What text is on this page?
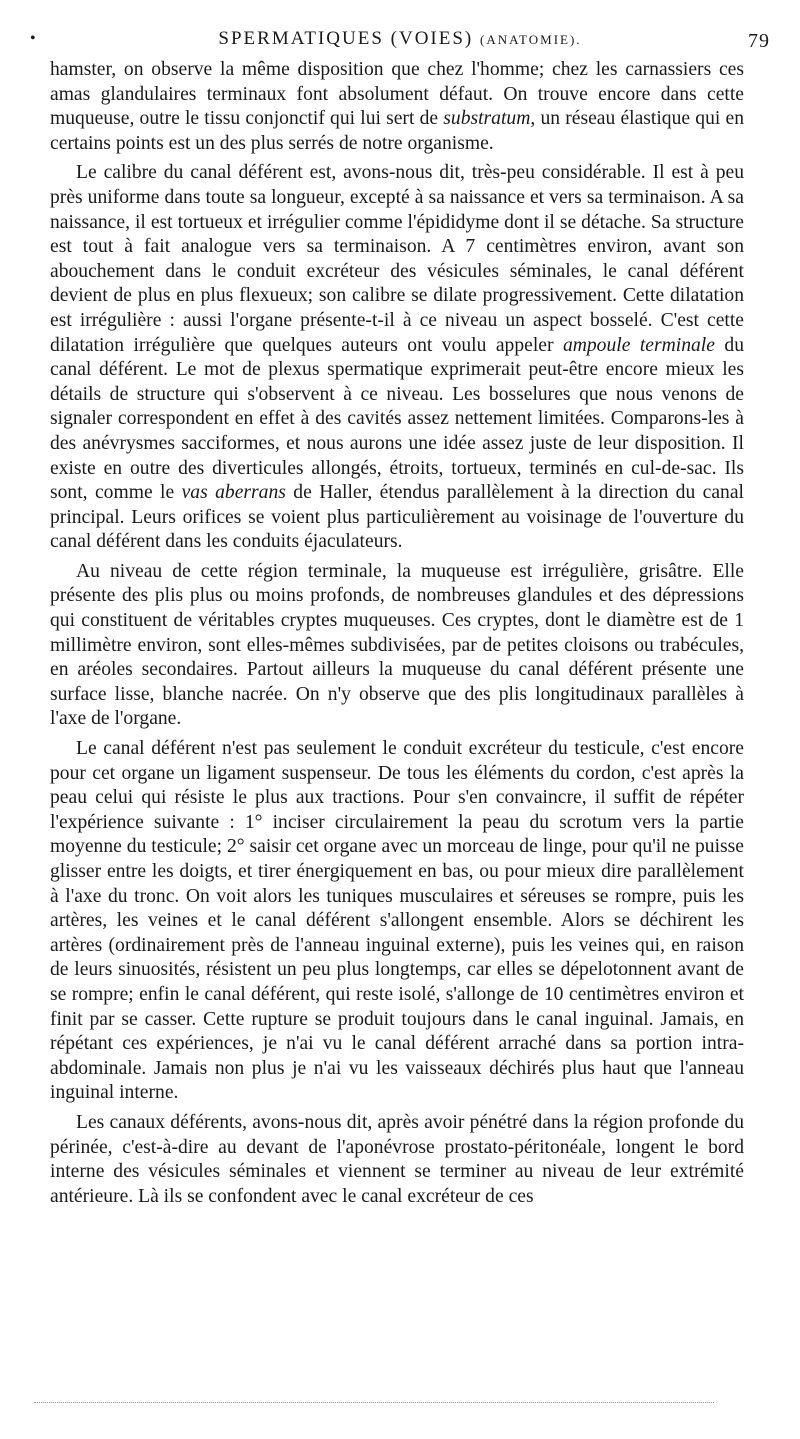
•	SPERMATIQUES (VOIES) (ANATOMIE).	79

hamster, on observe la même disposition que chez l'homme; chez les carnassiers ces amas glandulaires terminaux font absolument défaut. On trouve encore dans cette muqueuse, outre le tissu conjonctif qui lui sert de substratum, un réseau élastique qui en certains points est un des plus serrés de notre organisme.

Le calibre du canal déférent est, avons-nous dit, très-peu considérable. Il est à peu près uniforme dans toute sa longueur, excepté à sa naissance et vers sa terminaison. A sa naissance, il est tortueux et irrégulier comme l'épididyme dont il se détache. Sa structure est tout à fait analogue vers sa terminaison. A 7 centimètres environ, avant son abouchement dans le conduit excréteur des vésicules séminales, le canal déférent devient de plus en plus flexueux; son calibre se dilate progressivement. Cette dilatation est irrégulière : aussi l'organe présente-t-il à ce niveau un aspect bosselé. C'est cette dilatation irrégulière que quelques auteurs ont voulu appeler ampoule terminale du canal déférent. Le mot de plexus spermatique exprimerait peut-être encore mieux les détails de structure qui s'observent à ce niveau. Les bosselures que nous venons de signaler correspondent en effet à des cavités assez nettement limitées. Comparons-les à des anévrysmes sacciformes, et nous aurons une idée assez juste de leur disposition. Il existe en outre des diverticules allongés, étroits, tortueux, terminés en cul-de-sac. Ils sont, comme le vas aberrans de Haller, étendus parallèlement à la direction du canal principal. Leurs orifices se voient plus particulièrement au voisinage de l'ouverture du canal déférent dans les conduits éjaculateurs.

Au niveau de cette région terminale, la muqueuse est irrégulière, grisâtre. Elle présente des plis plus ou moins profonds, de nombreuses glandules et des dépressions qui constituent de véritables cryptes muqueuses. Ces cryptes, dont le diamètre est de 1 millimètre environ, sont elles-mêmes subdivisées, par de petites cloisons ou trabécules, en aréoles secondaires. Partout ailleurs la muqueuse du canal déférent présente une surface lisse, blanche nacrée. On n'y observe que des plis longitudinaux parallèles à l'axe de l'organe.

Le canal déférent n'est pas seulement le conduit excréteur du testicule, c'est encore pour cet organe un ligament suspenseur. De tous les éléments du cordon, c'est après la peau celui qui résiste le plus aux tractions. Pour s'en convaincre, il suffit de répéter l'expérience suivante : 1° inciser circulairement la peau du scrotum vers la partie moyenne du testicule; 2° saisir cet organe avec un morceau de linge, pour qu'il ne puisse glisser entre les doigts, et tirer énergiquement en bas, ou pour mieux dire parallèlement à l'axe du tronc. On voit alors les tuniques musculaires et séreuses se rompre, puis les artères, les veines et le canal déférent s'allongent ensemble. Alors se déchirent les artères (ordinairement près de l'anneau inguinal externe), puis les veines qui, en raison de leurs sinuosités, résistent un peu plus longtemps, car elles se dépelotonnent avant de se rompre; enfin le canal déférent, qui reste isolé, s'allonge de 10 centimètres environ et finit par se casser. Cette rupture se produit toujours dans le canal inguinal. Jamais, en répétant ces expériences, je n'ai vu le canal déférent arraché dans sa portion intra-abdominale. Jamais non plus je n'ai vu les vaisseaux déchirés plus haut que l'anneau inguinal interne.

Les canaux déférents, avons-nous dit, après avoir pénétré dans la région profonde du périnée, c'est-à-dire au devant de l'aponévrose prostato-péritonéale, longent le bord interne des vésicules séminales et viennent se terminer au niveau de leur extrémité antérieure. Là ils se confondent avec le canal excréteur de ces
